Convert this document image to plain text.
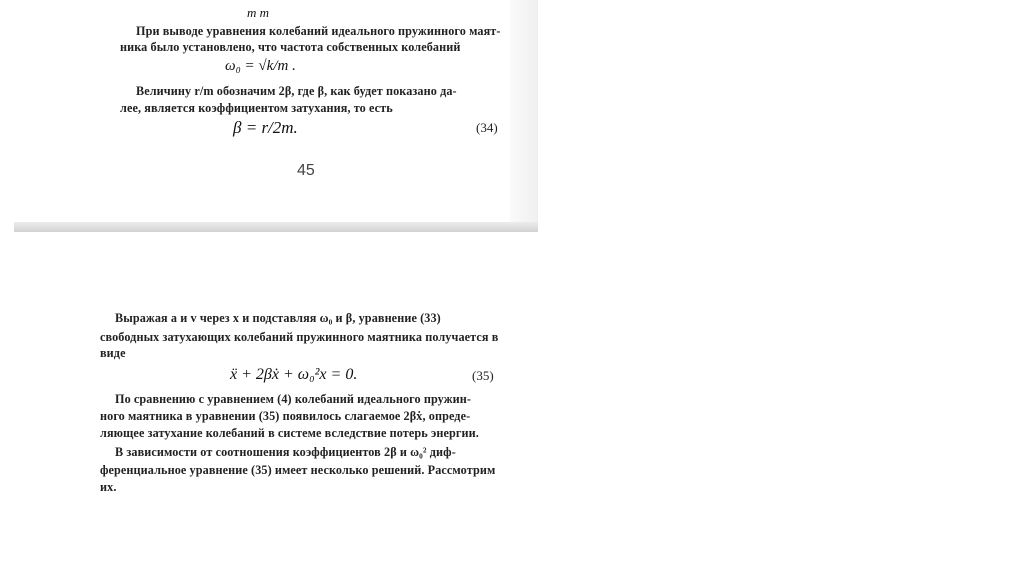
m m
При выводе уравнения колебаний идеального пружинного маят-
ника было установлено, что частота собственных колебаний
ω₀ = √k/m .
Величину r/m обозначим 2β, где β, как будет показано да-
лее, является коэффициентом затухания, то есть
β = r/2m.	(34)
45
Выражая a и v через x и подставляя ω₀ и β, уравнение (33)
свободных затухающих колебаний пружинного маятника получается в
виде
ẍ + 2βẋ + ω₀²x = 0.	(35)
По сравнению с уравнением (4) колебаний идеального пружин-
ного маятника в уравнении (35) появилось слагаемое 2βẋ, опреде-
ляющее затухание колебаний в системе вследствие потерь энергии.
В зависимости от соотношения коэффициентов 2β и ω₀² диф-
ференциальное уравнение (35) имеет несколько решений. Рассмотрим
их.
